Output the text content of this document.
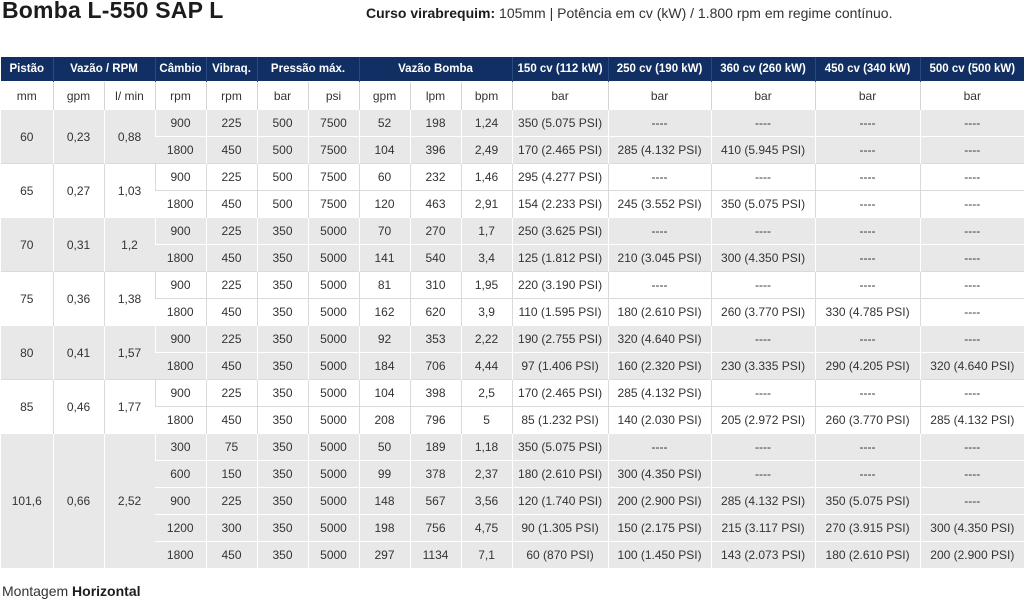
Bomba L-550 SAP L	Curso virabrequim: 105mm | Potência em cv (kW) / 1.800 rpm em regime contínuo.
Pistão	Vazão / RPM		Câmbio	Vibraq.	Pressão máx.		Vazão Bomba			150 cv (112 kW)	250 cv (190 kW)	360 cv (260 kW)	450 cv (340 kW)	500 cv (500 kW)
mm	gpm	l/ min	rpm	rpm	bar	psi	gpm	lpm	bpm	bar	bar	bar	bar	bar
60	0,23	0,88	900	225	500	7500	52	198	1,24	350 (5.075 PSI)	----	----	----	----
			1800	450	500	7500	104	396	2,49	170 (2.465 PSI)	285 (4.132 PSI)	410 (5.945 PSI)	----	----
65	0,27	1,03	900	225	500	7500	60	232	1,46	295 (4.277 PSI)	----	----	----	----
			1800	450	500	7500	120	463	2,91	154 (2.233 PSI)	245 (3.552 PSI)	350 (5.075 PSI)	----	----
70	0,31	1,2	900	225	350	5000	70	270	1,7	250 (3.625 PSI)	----	----	----	----
			1800	450	350	5000	141	540	3,4	125 (1.812 PSI)	210 (3.045 PSI)	300 (4.350 PSI)	----	----
75	0,36	1,38	900	225	350	5000	81	310	1,95	220 (3.190 PSI)	----	----	----	----
			1800	450	350	5000	162	620	3,9	110 (1.595 PSI)	180 (2.610 PSI)	260 (3.770 PSI)	330 (4.785 PSI)	----
80	0,41	1,57	900	225	350	5000	92	353	2,22	190 (2.755 PSI)	320 (4.640 PSI)	----	----	----
			1800	450	350	5000	184	706	4,44	97 (1.406 PSI)	160 (2.320 PSI)	230 (3.335 PSI)	290 (4.205 PSI)	320 (4.640 PSI)
85	0,46	1,77	900	225	350	5000	104	398	2,5	170 (2.465 PSI)	285 (4.132 PSI)	----	----	----
			1800	450	350	5000	208	796	5	85 (1.232 PSI)	140 (2.030 PSI)	205 (2.972 PSI)	260 (3.770 PSI)	285 (4.132 PSI)
101,6	0,66	2,52	300	75	350	5000	50	189	1,18	350 (5.075 PSI)	----	----	----	----
			600	150	350	5000	99	378	2,37	180 (2.610 PSI)	300 (4.350 PSI)	----	----	----
			900	225	350	5000	148	567	3,56	120 (1.740 PSI)	200 (2.900 PSI)	285 (4.132 PSI)	350 (5.075 PSI)	----
			1200	300	350	5000	198	756	4,75	90 (1.305 PSI)	150 (2.175 PSI)	215 (3.117 PSI)	270 (3.915 PSI)	300 (4.350 PSI)
			1800	450	350	5000	297	1134	7,1	60 (870 PSI)	100 (1.450 PSI)	143 (2.073 PSI)	180 (2.610 PSI)	200 (2.900 PSI)
Montagem Horizontal
